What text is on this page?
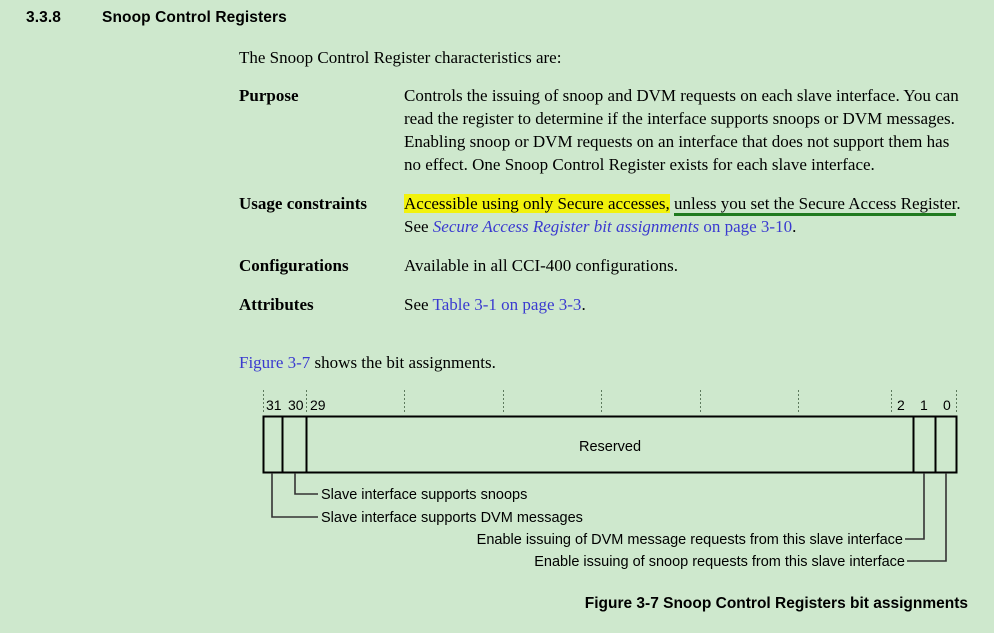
3.3.8	Snoop Control Registers
The Snoop Control Register characteristics are:
Purpose	Controls the issuing of snoop and DVM requests on each slave interface. You can read the register to determine if the interface supports snoops or DVM messages. Enabling snoop or DVM requests on an interface that does not support them has no effect. One Snoop Control Register exists for each slave interface.

Usage constraints	Accessible using only Secure accesses, unless you set the Secure Access Register. See Secure Access Register bit assignments on page 3-10.

Configurations	Available in all CCI-400 configurations.

Attributes	See Table 3-1 on page 3-3.

Figure 3-7 shows the bit assignments.
31 30 29	2 1 0
Reserved
Slave interface supports snoops
Slave interface supports DVM messages
Enable issuing of DVM message requests from this slave interface
Enable issuing of snoop requests from this slave interface
Figure 3-7 Snoop Control Registers bit assignments
